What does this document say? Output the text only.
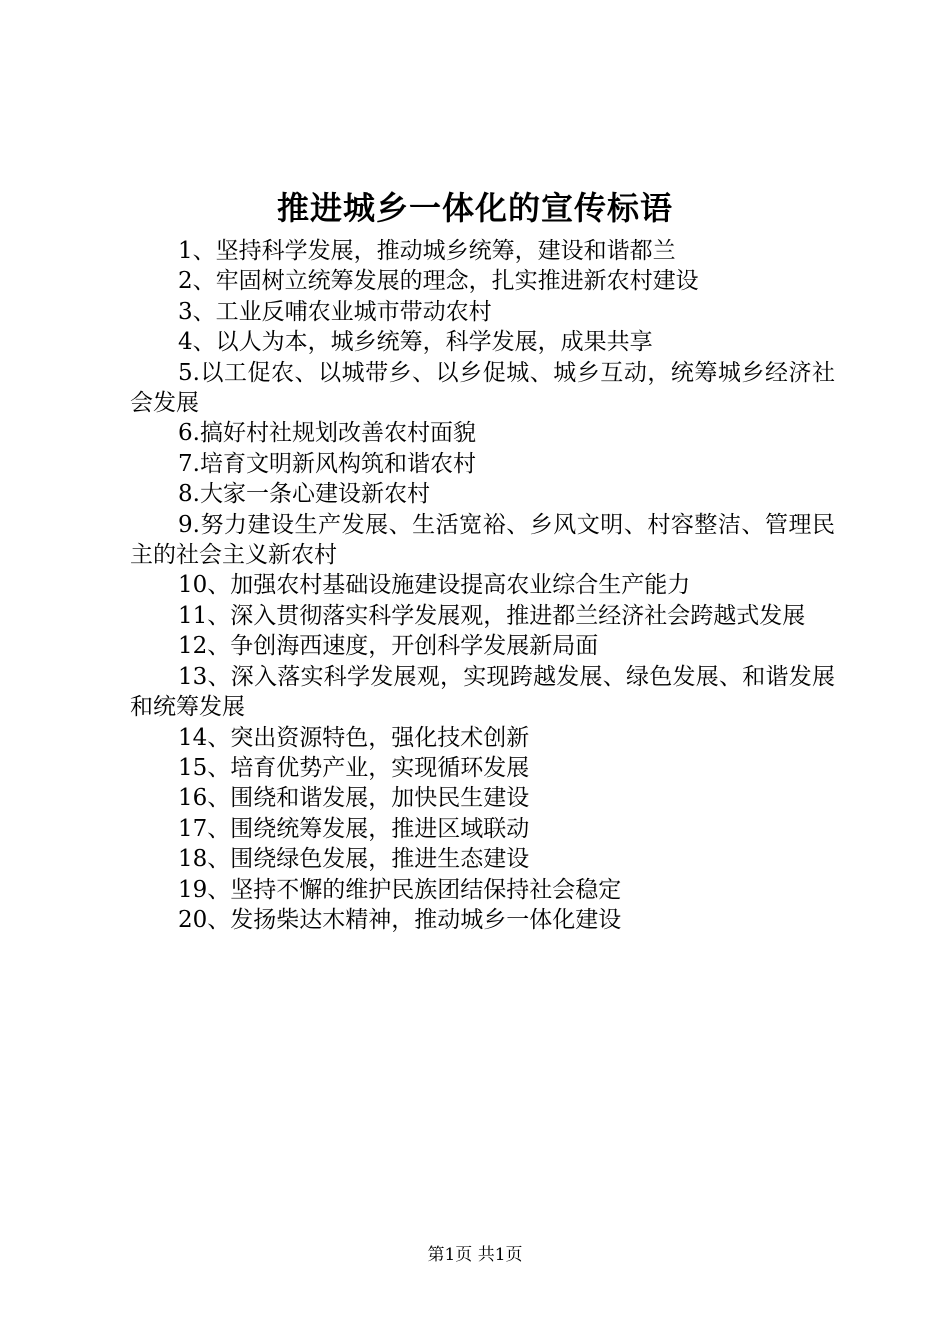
推进城乡一体化的宣传标语

1、坚持科学发展，推动城乡统筹，建设和谐都兰

2、牢固树立统筹发展的理念，扎实推进新农村建设

3、工业反哺农业城市带动农村

4、以人为本，城乡统筹，科学发展，成果共享

5.以工促农、以城带乡、以乡促城、城乡互动，统筹城乡经济社会发展

6.搞好村社规划改善农村面貌

7.培育文明新风构筑和谐农村

8.大家一条心建设新农村

9.努力建设生产发展、生活宽裕、乡风文明、村容整洁、管理民主的社会主义新农村

10、加强农村基础设施建设提高农业综合生产能力

11、深入贯彻落实科学发展观，推进都兰经济社会跨越式发展

12、争创海西速度，开创科学发展新局面

13、深入落实科学发展观，实现跨越发展、绿色发展、和谐发展和统筹发展

14、突出资源特色，强化技术创新

15、培育优势产业，实现循环发展

16、围绕和谐发展，加快民生建设

17、围绕统筹发展，推进区域联动

18、围绕绿色发展，推进生态建设

19、坚持不懈的维护民族团结保持社会稳定

20、发扬柴达木精神，推动城乡一体化建设

第1页 共1页
